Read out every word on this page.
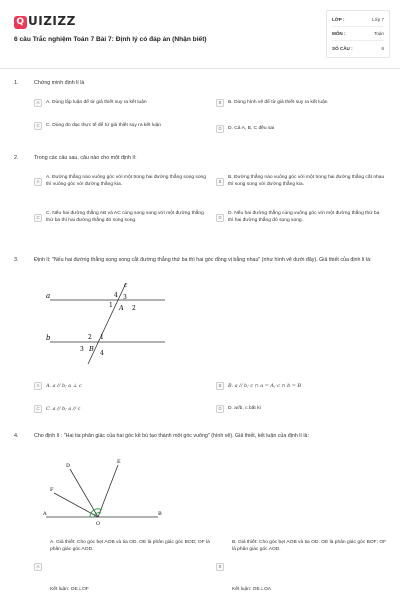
Q UIZIZZ
6 câu Trắc nghiệm Toán 7 Bài 7: Định lý có đáp án (Nhận biết)
LỚP :	Lớp 7
MÔN :	Toán
SỐ CÂU :	6
1.	Chứng minh định lí là
A	A. Dùng lập luận để từ giả thiết suy ra kết luận	B	B. Dùng hình vẽ để từ giả thiết suy ra kết luận
C	C. Dùng đo đạc thực tế để từ giả thiết suy ra kết luận
D	D. Cả A, B, C đều sai
2.	Trong các câu sau, câu nào cho một định lí:
A
A. Đường thẳng nào vuông góc với một trong hai đường thẳng song song thì vuông góc với đường thẳng kia.
B
B. Đường thẳng nào vuông góc với một trong hai đường thẳng cắt nhau thì song song với đường thẳng kia.
C
C. Nếu hai đường thẳng AB và AC cùng song song với một đường thẳng thứ ba thì hai đường thẳng đó song song.
D
D. Nếu hai đường thẳng cùng vuông góc với một đường thẳng thứ ba thì hai đường thẳng đó song song.
3.	Định lí: "Nếu hai đường thẳng song song cắt đường thẳng thứ ba thì hai góc đồng vị bằng nhau" (như hình vẽ dưới đây). Giả thiết của định lí là:
a
b
c
4 3
1 A 2
2 1
3 B
4
A	A. a // b; a ⊥ c	B	B. a // b; c ∩ a = A; c ∩ b = B
C	C. a // b; a // c	D	D. a//b, c bất kì
4.	Cho định lí : "Hai tia phân giác của hai góc kề bù tạo thành một góc vuông" (hình vẽ). Giả thiết, kết luận của định lí là:
D
E
F
A	B
O
A. Giả thiết: Cho góc bẹt AOB và tia OD. OE là phân giác góc BOD; OF là phân giác góc AOD.
A
Kết luận: OE⊥OF
B. Giả thiết: Cho góc bẹt AOB và tia OD. OE là phân giác góc BOF; OF là phân giác góc AOD.
B
Kết luận: OE⊥OA
